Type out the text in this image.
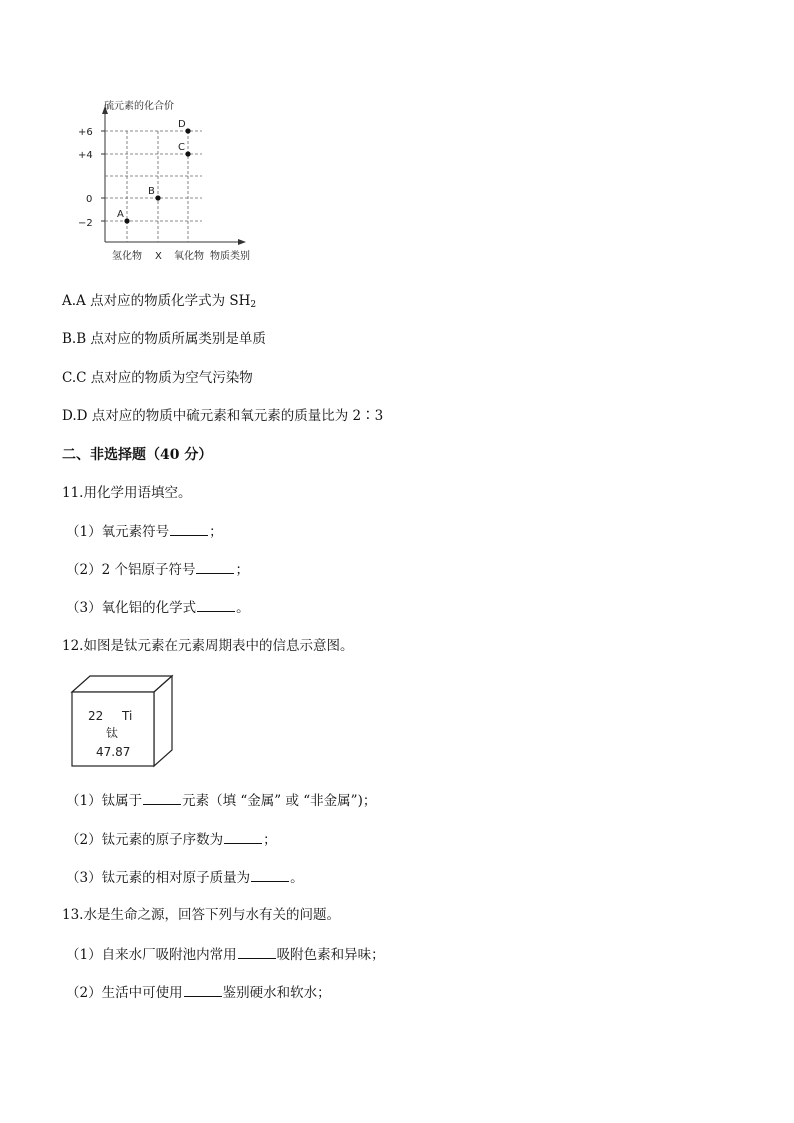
硫元素的化合价
物质类别
+6
+4
0
−2
氢化物 X 氧化物
A
B
C
D
A.A 点对应的物质化学式为 $SH_2$
B.B 点对应的物质所属类别是单质
C.C 点对应的物质为空气污染物
D.D 点对应的物质中硫元素和氧元素的质量比为 2∶3
二、非选择题（40 分）
11.用化学用语填空。
（1）氧元素符号	；
（2）2 个铝原子符号	；
（3）氧化铝的化学式	。
12.如图是钛元素在元素周期表中的信息示意图。
22 Ti
钛
47.87
（1）钛属于	元素（填 “金属” 或 “非金属”)；
（2）钛元素的原子序数为	；
（3）钛元素的相对原子质量为	。
13.水是生命之源，回答下列与水有关的问题。
（1）自来水厂吸附池内常用	吸附色素和异味；
（2）生活中可使用	鉴别硬水和软水；
